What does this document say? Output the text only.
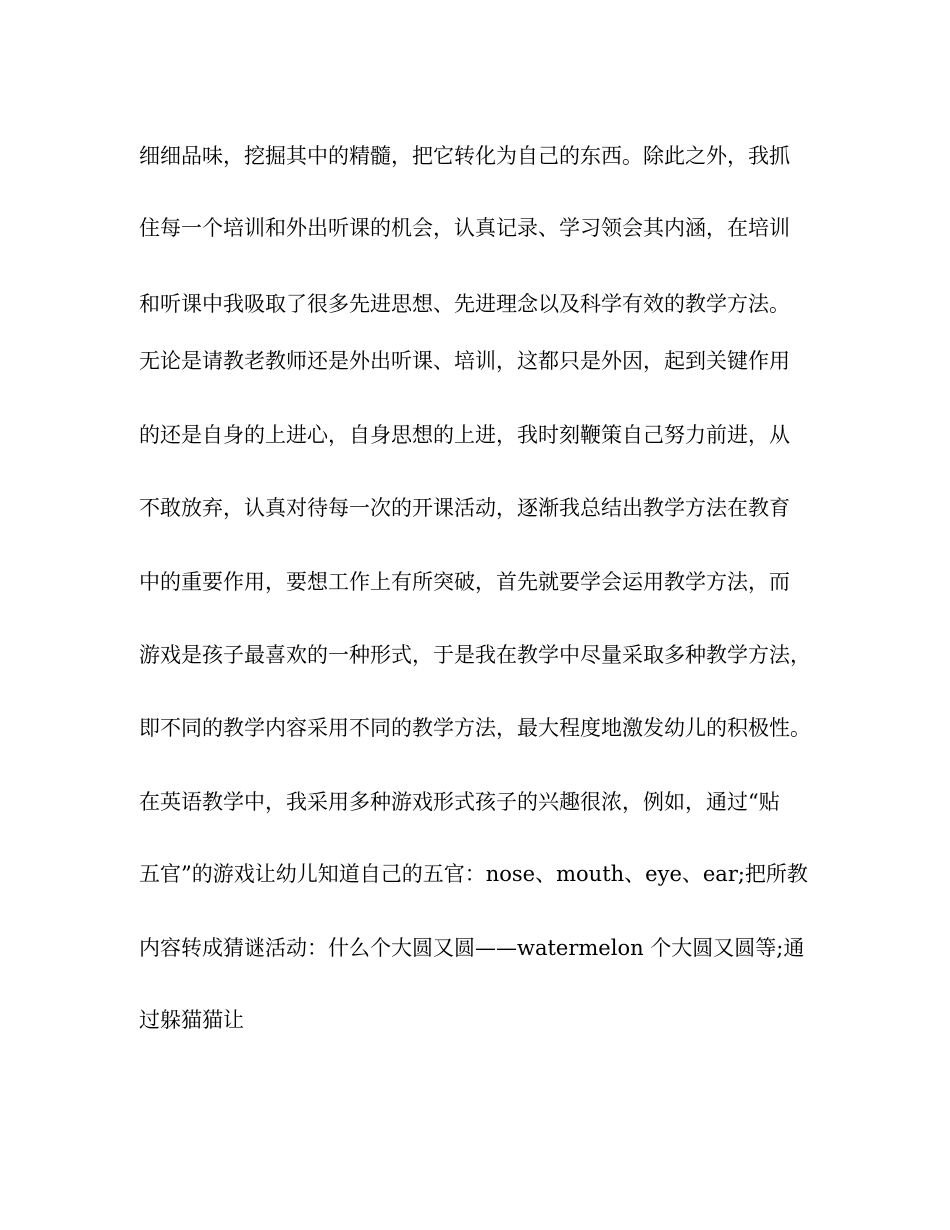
细细品味，挖掘其中的精髓，把它转化为自己的东西。除此之外，我抓
住每一个培训和外出听课的机会，认真记录、学习领会其内涵，在培训
和听课中我吸取了很多先进思想、先进理念以及科学有效的教学方法。
无论是请教老教师还是外出听课、培训，这都只是外因，起到关键作用
的还是自身的上进心，自身思想的上进，我时刻鞭策自己努力前进，从
不敢放弃，认真对待每一次的开课活动，逐渐我总结出教学方法在教育
中的重要作用，要想工作上有所突破，首先就要学会运用教学方法，而
游戏是孩子最喜欢的一种形式，于是我在教学中尽量采取多种教学方法，
即不同的教学内容采用不同的教学方法，最大程度地激发幼儿的积极性。
在英语教学中，我采用多种游戏形式孩子的兴趣很浓，例如，通过“贴
五官”的游戏让幼儿知道自己的五官：nose、mouth、eye、ear;把所教
内容转成猜谜活动：什么个大圆又圆——watermelon 个大圆又圆等;通
过躲猫猫让
